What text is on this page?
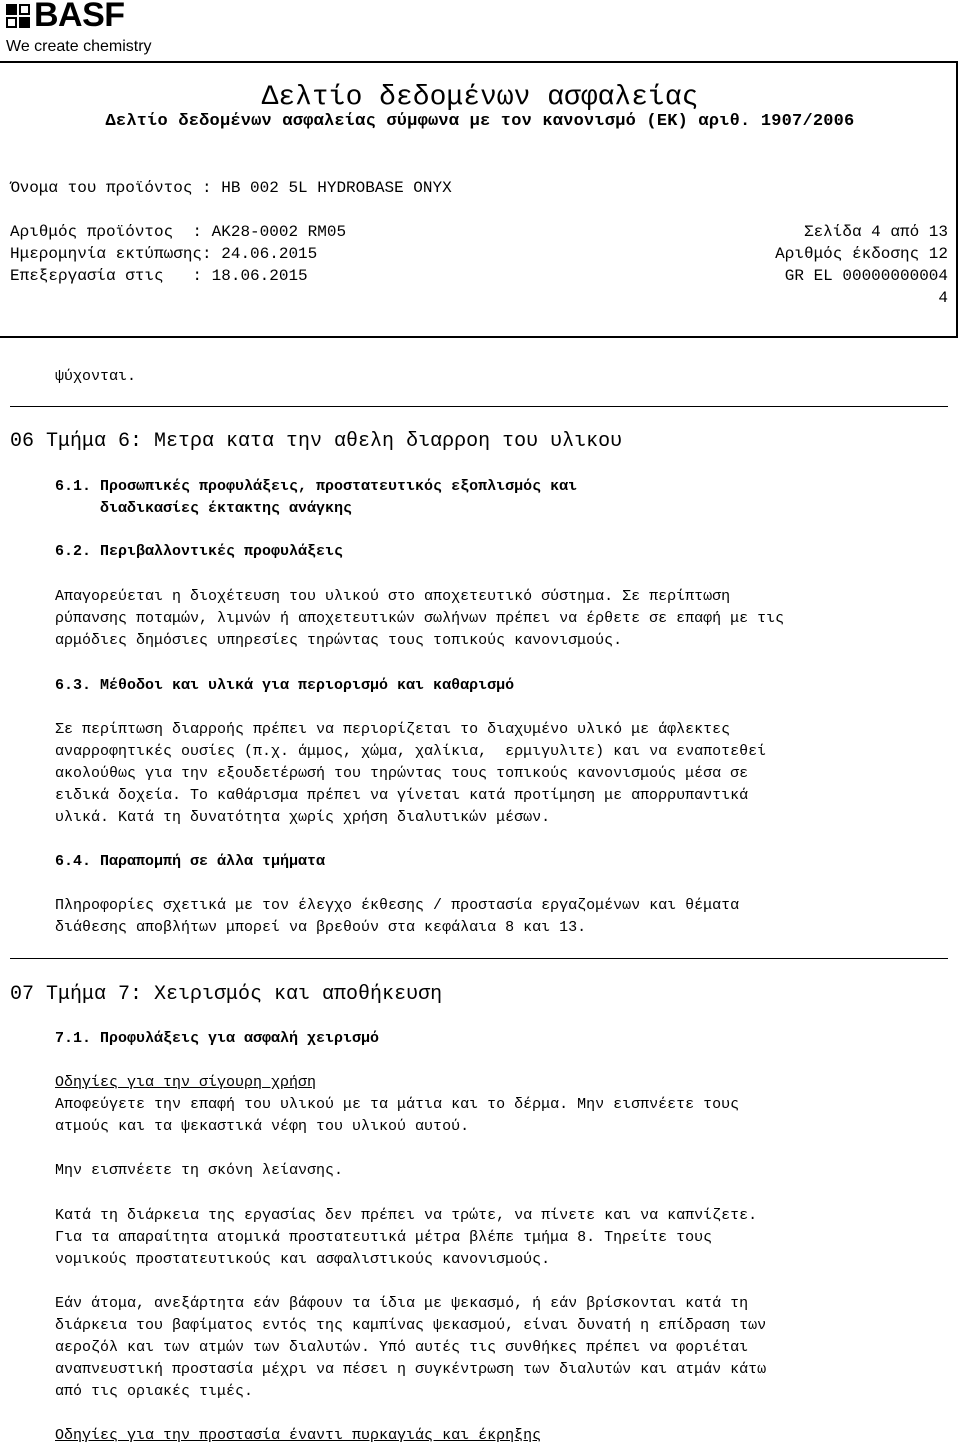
BASF
We create chemistry
Δελτίο δεδομένων ασφαλείας
Δελτίο δεδομένων ασφαλείας σύμφωνα με τον κανονισμό (ΕΚ) αριθ. 1907/2006
Όνομα του προϊόντος : HB 002 5L HYDROBASE ONYX
Αριθμός προϊόντος  : AK28-0002 RM05
Ημερομηνία εκτύπωσης: 24.06.2015
Επεξεργασία στις   : 18.06.2015
Σελίδα 4 από 13
Αριθμός έκδοσης 12
GR EL 00000000004
4
ψύχονται.
06 Τμήμα 6: Μετρα κατα την αθελη διαρροη του υλικου
6.1. Προσωπικές προφυλάξεις, προστατευτικός εξοπλισμός και
διαδικασίες έκτακτης ανάγκης
6.2. Περιβαλλοντικές προφυλάξεις
Απαγορεύεται η διοχέτευση του υλικού στο αποχετευτικό σύστημα. Σε περίπτωση
ρύπανσης ποταμών, λιμνών ή αποχετευτικών σωλήνων πρέπει να έρθετε σε επαφή με τις
αρμόδιες δημόσιες υπηρεσίες τηρώντας τους τοπικούς κανονισμούς.
6.3. Μέθοδοι και υλικά για περιορισμό και καθαρισμό
Σε περίπτωση διαρροής πρέπει να περιορίζεται το διαχυμένο υλικό με άφλεκτες
αναρροφητικές ουσίες (π.χ. άμμος, χώμα, χαλίκια,  ερμιγυλιτε) και να εναποτεθεί
ακολούθως για την εξουδετέρωσή του τηρώντας τους τοπικούς κανονισμούς μέσα σε
ειδικά δοχεία. Το καθάρισμα πρέπει να γίνεται κατά προτίμηση με απορρυπαντικά
υλικά. Κατά τη δυνατότητα χωρίς χρήση διαλυτικών μέσων.
6.4. Παραπομπή σε άλλα τμήματα
Πληροφορίες σχετικά με τον έλεγχο έκθεσης / προστασία εργαζομένων και θέματα
διάθεσης αποβλήτων μπορεί να βρεθούν στα κεφάλαια 8 και 13.
07 Τμήμα 7: Χειρισμός και αποθήκευση
7.1. Προφυλάξεις για ασφαλή χειρισμό
Οδηγίες για την σίγουρη χρήση
Αποφεύγετε την επαφή του υλικού με τα μάτια και το δέρμα. Μην εισπνέετε τους
ατμούς και τα ψεκαστικά νέφη του υλικού αυτού.
Μην εισπνέετε τη σκόνη λείανσης.
Κατά τη διάρκεια της εργασίας δεν πρέπει να τρώτε, να πίνετε και να καπνίζετε.
Για τα απαραίτητα ατομικά προστατευτικά μέτρα βλέπε τμήμα 8. Τηρείτε τους
νομικούς προστατευτικούς και ασφαλιστικούς κανονισμούς.
Εάν άτομα, ανεξάρτητα εάν βάφουν τα ίδια με ψεκασμό, ή εάν βρίσκονται κατά τη
διάρκεια του βαφίματος εντός της καμπίνας ψεκασμού, είναι δυνατή η επίδραση των
αεροζόλ και των ατμών των διαλυτών. Υπό αυτές τις συνθήκες πρέπει να φοριέται
αναπνευστική προστασία μέχρι να πέσει η συγκέντρωση των διαλυτών και ατμάν κάτω
από τις οριακές τιμές.
Οδηγίες για την προστασία έναντι πυρκαγιάς και έκρηξης
